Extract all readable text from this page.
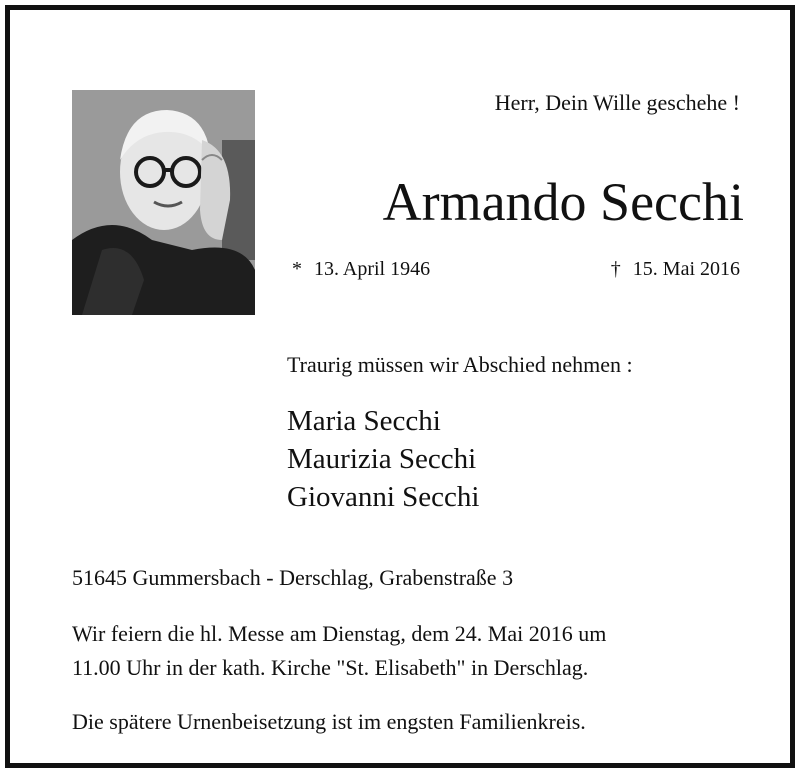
Herr, Dein Wille geschehe !
Armando Secchi
* 13. April 1946	† 15. Mai 2016
Traurig müssen wir Abschied nehmen :
Maria Secchi
Maurizia Secchi
Giovanni Secchi
51645 Gummersbach - Derschlag, Grabenstraße 3
Wir feiern die hl. Messe am Dienstag, dem 24. Mai 2016 um
11.00 Uhr in der kath. Kirche "St. Elisabeth" in Derschlag.
Die spätere Urnenbeisetzung ist im engsten Familienkreis.
